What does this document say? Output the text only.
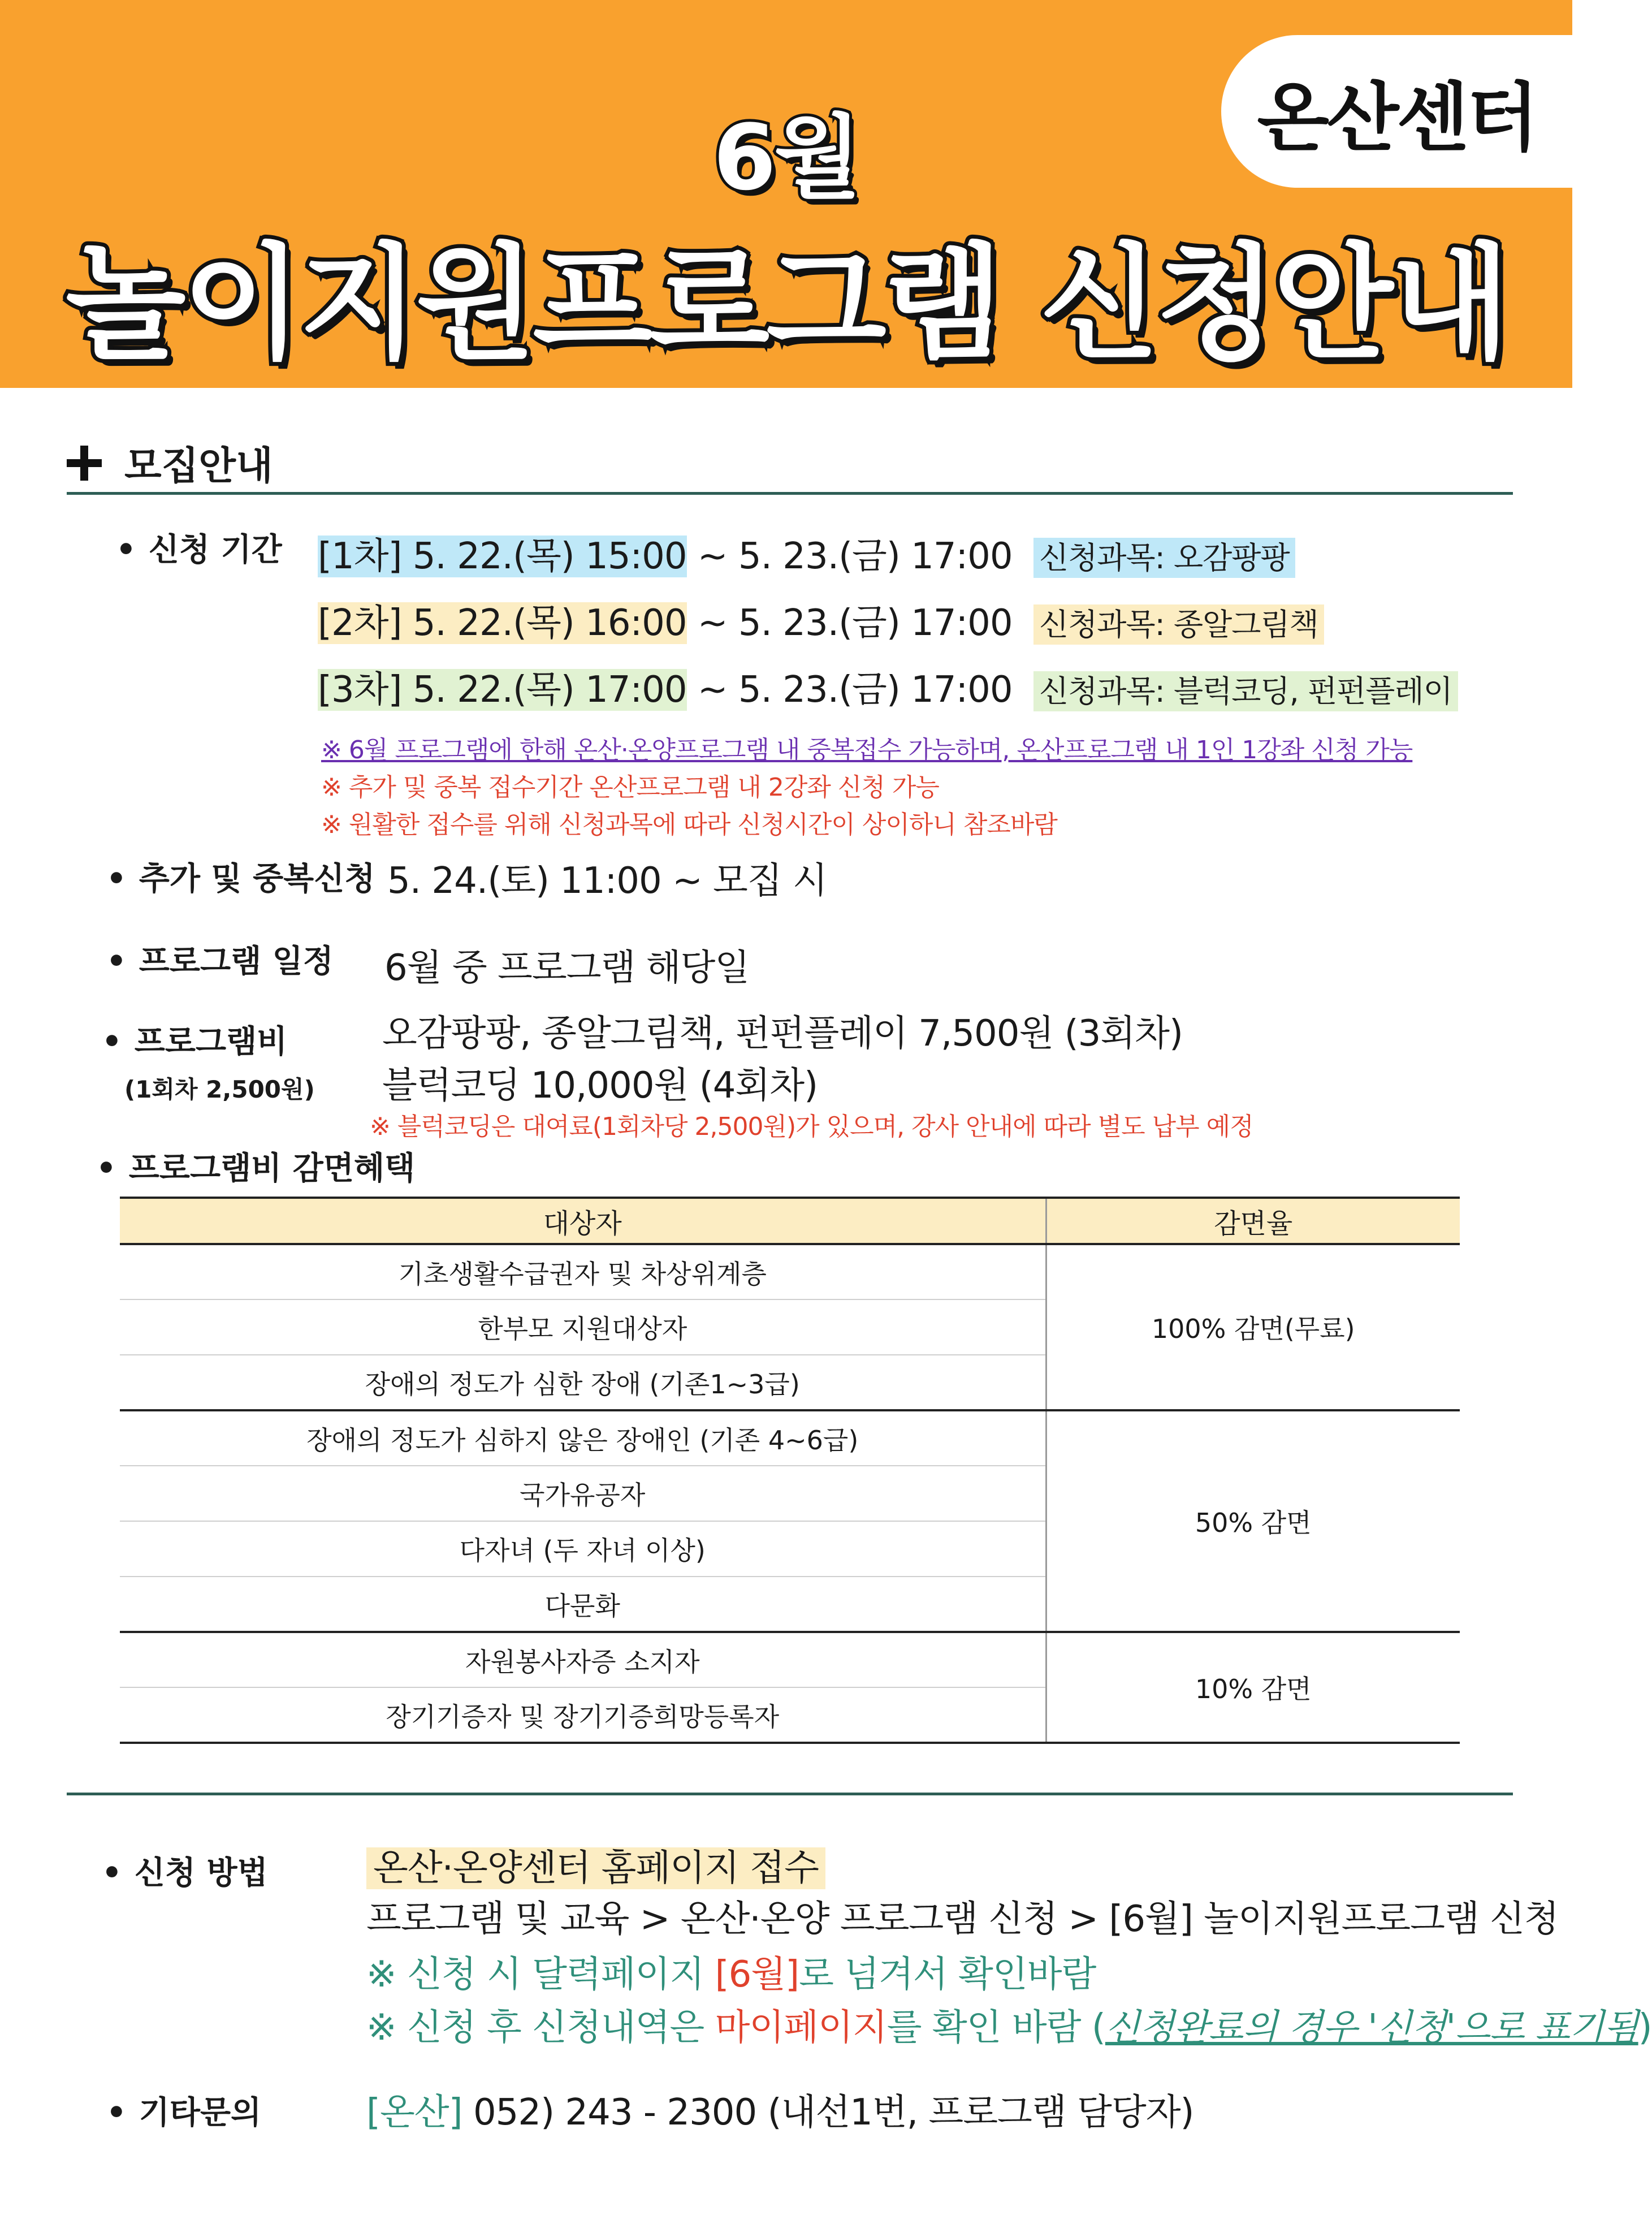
온산센터
6월
놀이지원프로그램 신청안내
모집안내
• 신청 기간 [1차] 5. 22.(목) 15:00 ~ 5. 23.(금) 17:00 신청과목: 오감팡팡
[2차] 5. 22.(목) 16:00 ~ 5. 23.(금) 17:00 신청과목: 종알그림책
[3차] 5. 22.(목) 17:00 ~ 5. 23.(금) 17:00 신청과목: 블럭코딩, 펀펀플레이
※ 6월 프로그램에 한해 온산·온양프로그램 내 중복접수 가능하며, 온산프로그램 내 1인 1강좌 신청 가능
※ 추가 및 중복 접수기간 온산프로그램 내 2강좌 신청 가능
※ 원활한 접수를 위해 신청과목에 따라 신청시간이 상이하니 참조바람
• 추가 및 중복신청 5. 24.(토) 11:00 ~ 모집 시
• 프로그램 일정 6월 중 프로그램 해당일
• 프로그램비
(1회차 2,500원)
오감팡팡, 종알그림책, 펀펀플레이 7,500원 (3회차)
블럭코딩 10,000원 (4회차)
※ 블럭코딩은 대여료(1회차당 2,500원)가 있으며, 강사 안내에 따라 별도 납부 예정
• 프로그램비 감면혜택
대상자	감면율
기초생활수급권자 및 차상위계층	100% 감면(무료)
한부모 지원대상자	
장애의 정도가 심한 장애 (기존1~3급)	
장애의 정도가 심하지 않은 장애인 (기존 4~6급)	50% 감면
국가유공자	
다자녀 (두 자녀 이상)	
다문화	
자원봉사자증 소지자	10% 감면
장기기증자 및 장기기증희망등록자	
• 신청 방법	온산·온양센터 홈페이지 접수
프로그램 및 교육 > 온산·온양 프로그램 신청 > [6월] 놀이지원프로그램 신청
※ 신청 시 달력페이지 [6월]로 넘겨서 확인바람
※ 신청 후 신청내역은 마이페이지를 확인 바람 (신청완료의 경우 '신청'으로 표기됨)
• 기타문의	[온산] 052) 243 - 2300 (내선1번, 프로그램 담당자)
